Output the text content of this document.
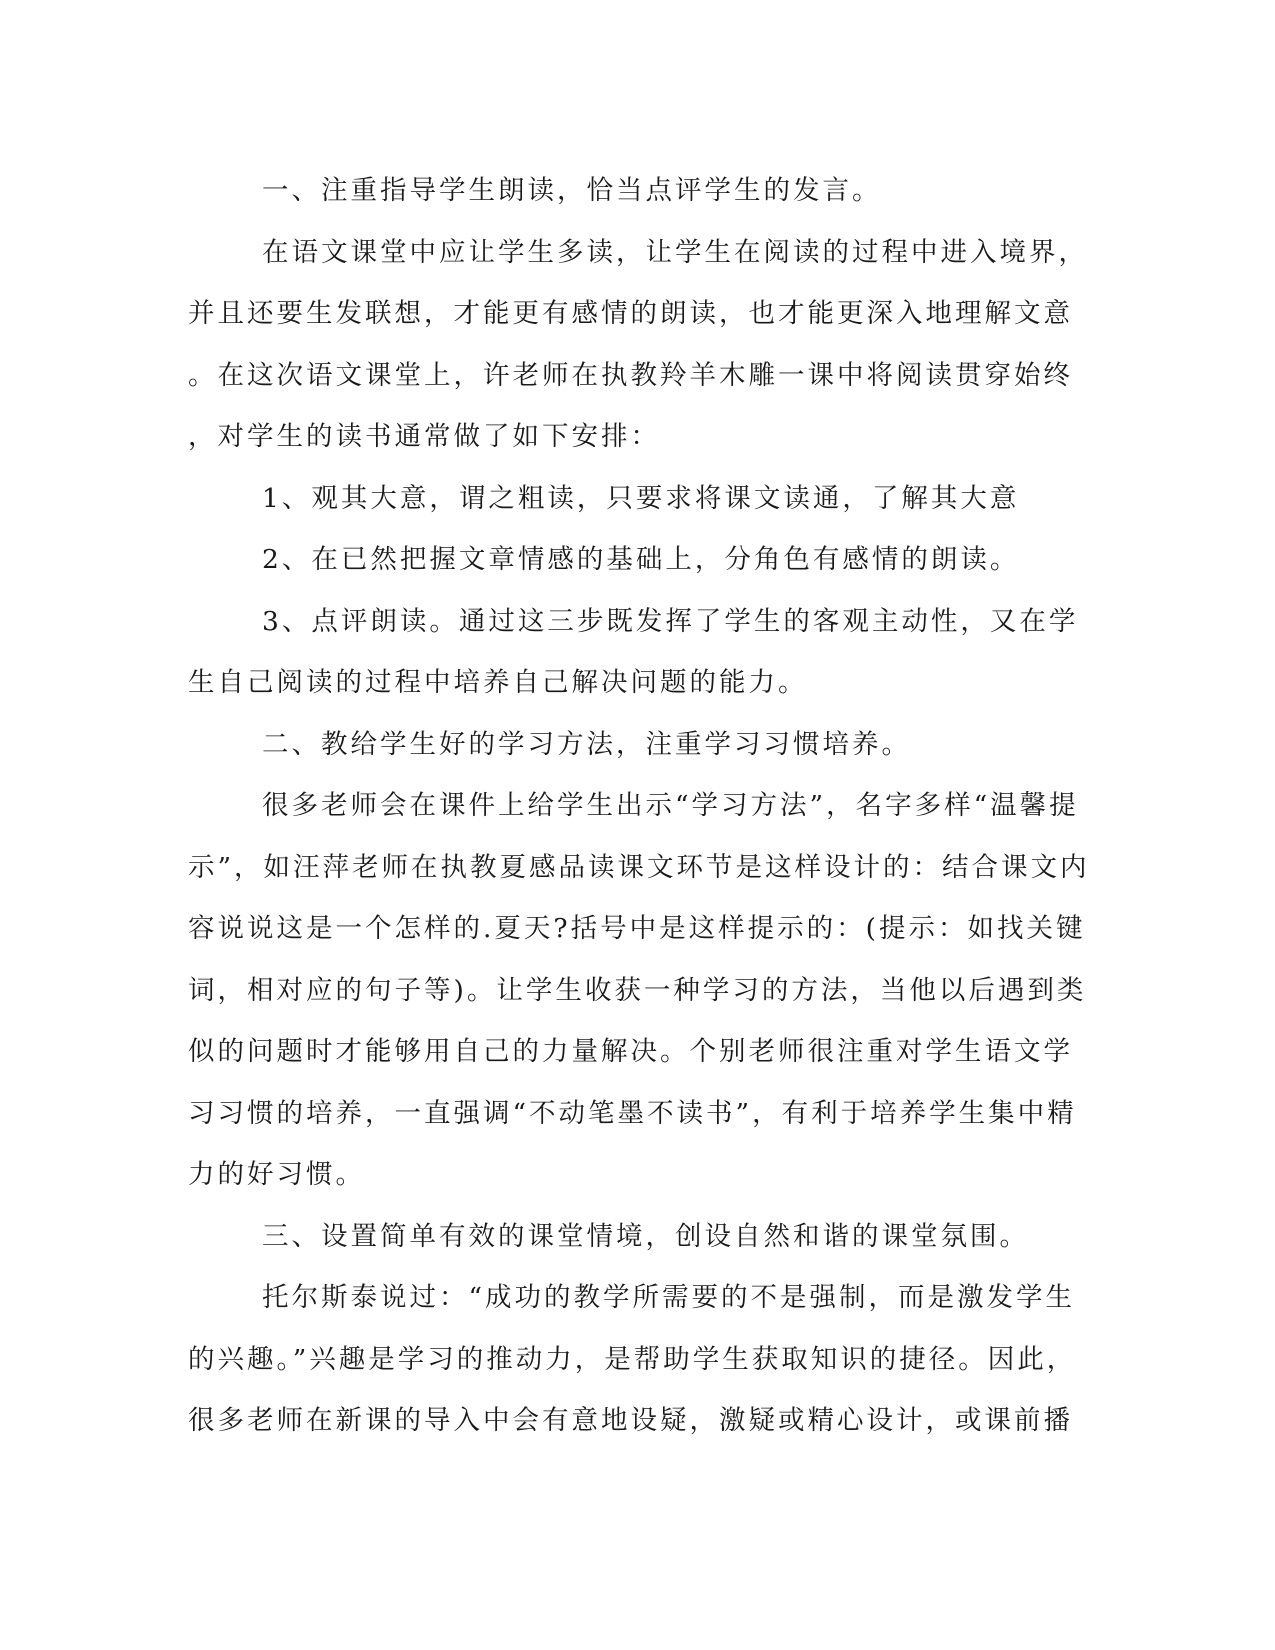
一、注重指导学生朗读，恰当点评学生的发言。
在语文课堂中应让学生多读，让学生在阅读的过程中进入境界，
并且还要生发联想，才能更有感情的朗读，也才能更深入地理解文意
。在这次语文课堂上，许老师在执教羚羊木雕一课中将阅读贯穿始终
，对学生的读书通常做了如下安排：
1、观其大意，谓之粗读，只要求将课文读通，了解其大意
2、在已然把握文章情感的基础上，分角色有感情的朗读。
3、点评朗读。通过这三步既发挥了学生的客观主动性，又在学
生自己阅读的过程中培养自己解决问题的能力。
二、教给学生好的学习方法，注重学习习惯培养。
很多老师会在课件上给学生出示“学习方法”，名字多样“温馨提
示”，如汪萍老师在执教夏感品读课文环节是这样设计的：结合课文内
容说说这是一个怎样的.夏天?括号中是这样提示的：(提示：如找关键
词，相对应的句子等)。让学生收获一种学习的方法，当他以后遇到类
似的问题时才能够用自己的力量解决。个别老师很注重对学生语文学
习习惯的培养，一直强调“不动笔墨不读书”，有利于培养学生集中精
力的好习惯。
三、设置简单有效的课堂情境，创设自然和谐的课堂氛围。
托尔斯泰说过：“成功的教学所需要的不是强制，而是激发学生
的兴趣。”兴趣是学习的推动力，是帮助学生获取知识的捷径。因此，
很多老师在新课的导入中会有意地设疑，激疑或精心设计，或课前播
